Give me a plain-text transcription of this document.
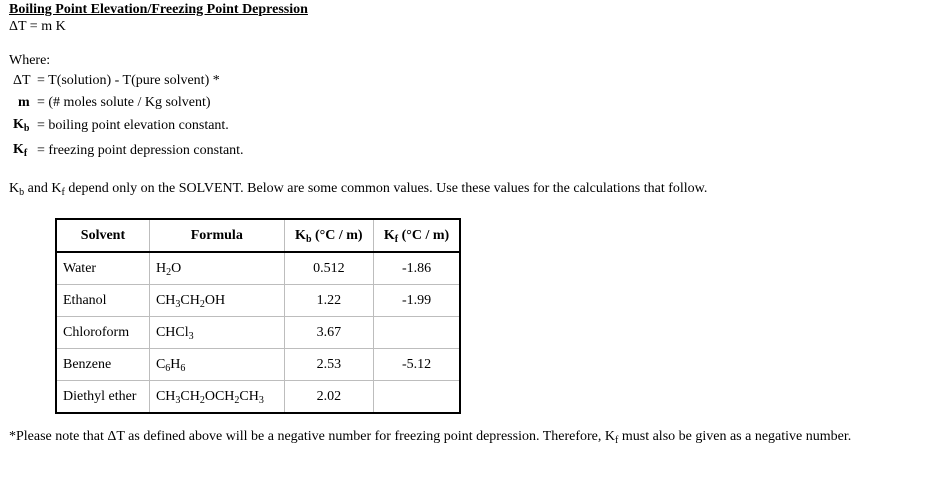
Boiling Point Elevation/Freezing Point Depression
ΔT = m K
Where:
ΔT = T(solution) - T(pure solvent) *
m = (# moles solute / Kg solvent)
$K_b$ = boiling point elevation constant.
$K_f$ = freezing point depression constant.
$K_b$ and $K_f$ depend only on the SOLVENT. Below are some common values. Use these values for the calculations that follow.
Solvent	Formula	$K_b$ (°C / m)	$K_f$ (°C / m)
Water	$H_2O$	0.512	-1.86
Ethanol	$CH_3CH_2OH$	1.22	-1.99
Chloroform	CHCl$_3$	3.67	
Benzene	$C_6H_6$	2.53	-5.12
Diethyl ether	$CH_3CH_2OCH_2CH_3$	2.02	
*Please note that ΔT as defined above will be a negative number for freezing point depression. Therefore, $K_f$ must also be given as a negative number.
